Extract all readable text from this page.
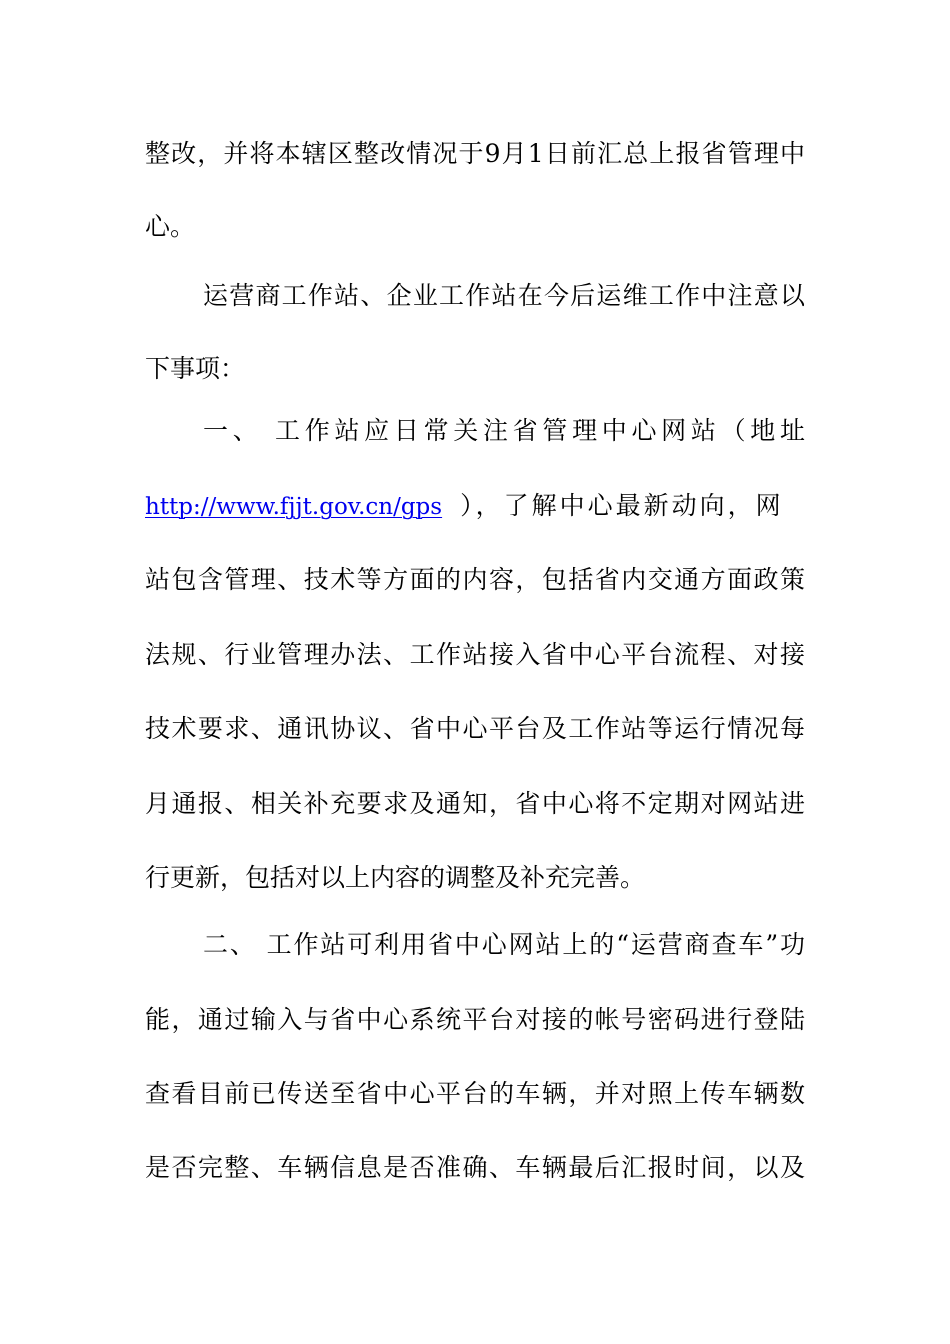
整改，并将本辖区整改情况于9月1日前汇总上报省管理中
心。
运营商工作站、企业工作站在今后运维工作中注意以
下事项：
一、 工作站应日常关注省管理中心网站（地址
http://www.fjjt.gov.cn/gps ），了解中心最新动向，网
站包含管理、技术等方面的内容，包括省内交通方面政策
法规、行业管理办法、工作站接入省中心平台流程、对接
技术要求、通讯协议、省中心平台及工作站等运行情况每
月通报、相关补充要求及通知，省中心将不定期对网站进
行更新，包括对以上内容的调整及补充完善。
二、 工作站可利用省中心网站上的“运营商查车”功
能，通过输入与省中心系统平台对接的帐号密码进行登陆
查看目前已传送至省中心平台的车辆，并对照上传车辆数
是否完整、车辆信息是否准确、车辆最后汇报时间，以及
